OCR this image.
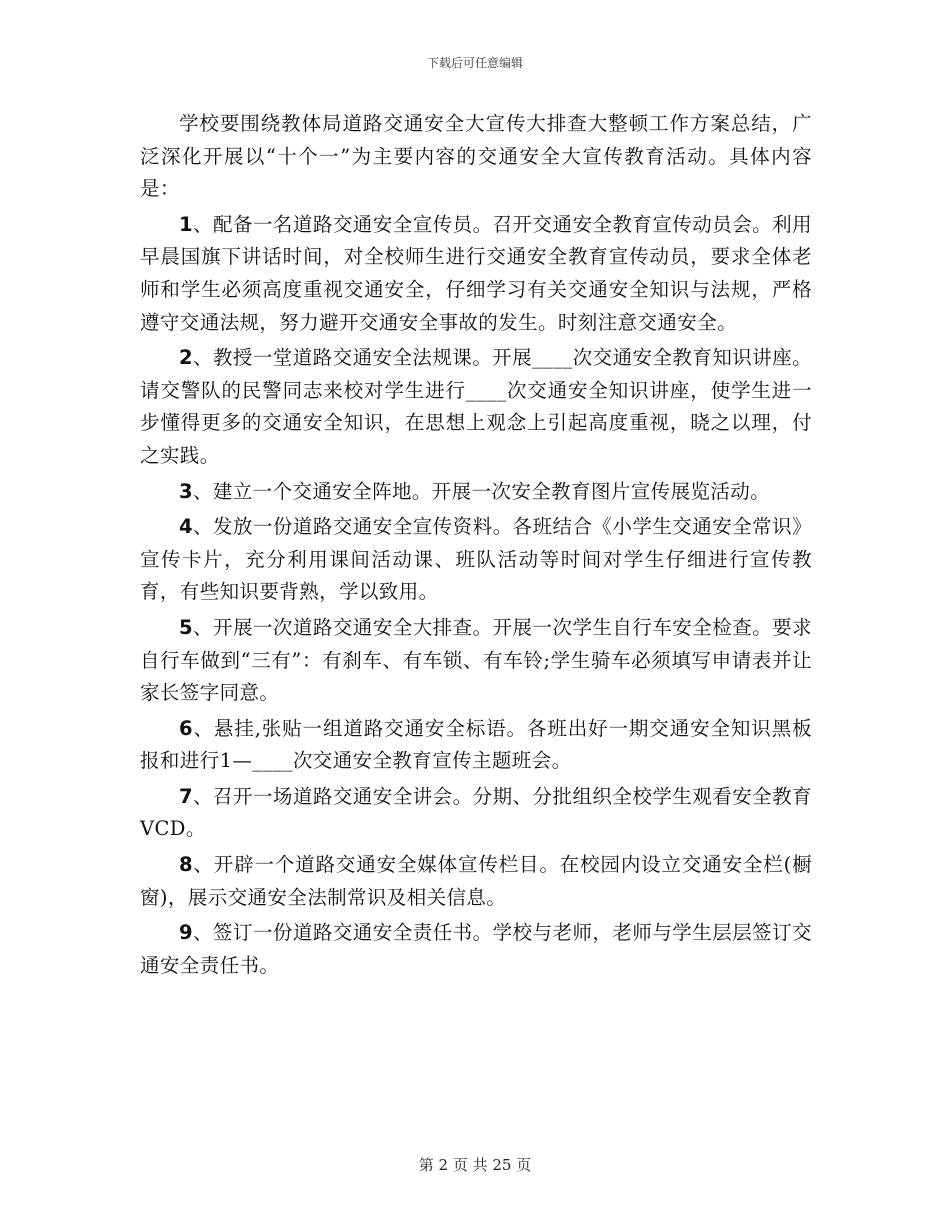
下载后可任意编辑

学校要围绕教体局道路交通安全大宣传大排查大整顿工作方案总结，广泛深化开展以“十个一”为主要内容的交通安全大宣传教育活动。具体内容是：

1、配备一名道路交通安全宣传员。召开交通安全教育宣传动员会。利用早晨国旗下讲话时间，对全校师生进行交通安全教育宣传动员，要求全体老师和学生必须高度重视交通安全，仔细学习有关交通安全知识与法规，严格遵守交通法规，努力避开交通安全事故的发生。时刻注意交通安全。

2、教授一堂道路交通安全法规课。开展____次交通安全教育知识讲座。请交警队的民警同志来校对学生进行____次交通安全知识讲座，使学生进一步懂得更多的交通安全知识，在思想上观念上引起高度重视，晓之以理，付之实践。

3、建立一个交通安全阵地。开展一次安全教育图片宣传展览活动。

4、发放一份道路交通安全宣传资料。各班结合《小学生交通安全常识》宣传卡片，充分利用课间活动课、班队活动等时间对学生仔细进行宣传教育，有些知识要背熟，学以致用。

5、开展一次道路交通安全大排查。开展一次学生自行车安全检查。要求自行车做到“三有”：有刹车、有车锁、有车铃;学生骑车必须填写申请表并让家长签字同意。

6、悬挂,张贴一组道路交通安全标语。各班出好一期交通安全知识黑板报和进行1—____次交通安全教育宣传主题班会。

7、召开一场道路交通安全讲会。分期、分批组织全校学生观看安全教育VCD。

8、开辟一个道路交通安全媒体宣传栏目。在校园内设立交通安全栏(橱窗)，展示交通安全法制常识及相关信息。

9、签订一份道路交通安全责任书。学校与老师，老师与学生层层签订交通安全责任书。

第 2 页 共 25 页
